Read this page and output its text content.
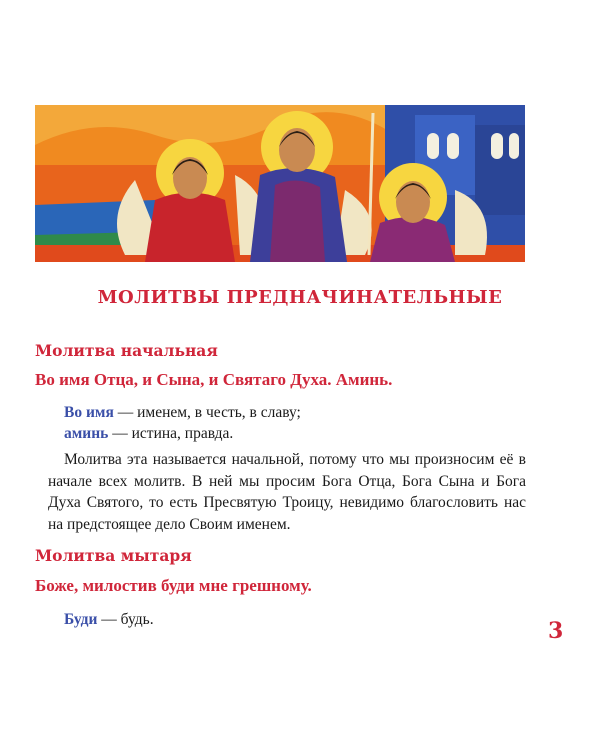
МОЛИТВЫ ПРЕДНАЧИНАТЕЛЬНЫЕ
Молитва начальная
Во имя Отца, и Сына, и Святаго Духа. Аминь.
Во имя — именем, в честь, в славу;
аминь — истина, правда.
Молитва эта называется начальной, потому что мы произносим её в начале всех молитв. В ней мы просим Бога Отца, Бога Сына и Бога Духа Святого, то есть Пресвятую Троицу, невидимо благословить нас на предстоящее дело Своим именем.
Молитва мытаря
Боже, милостив буди мне грешному.
Буди — будь.	3
